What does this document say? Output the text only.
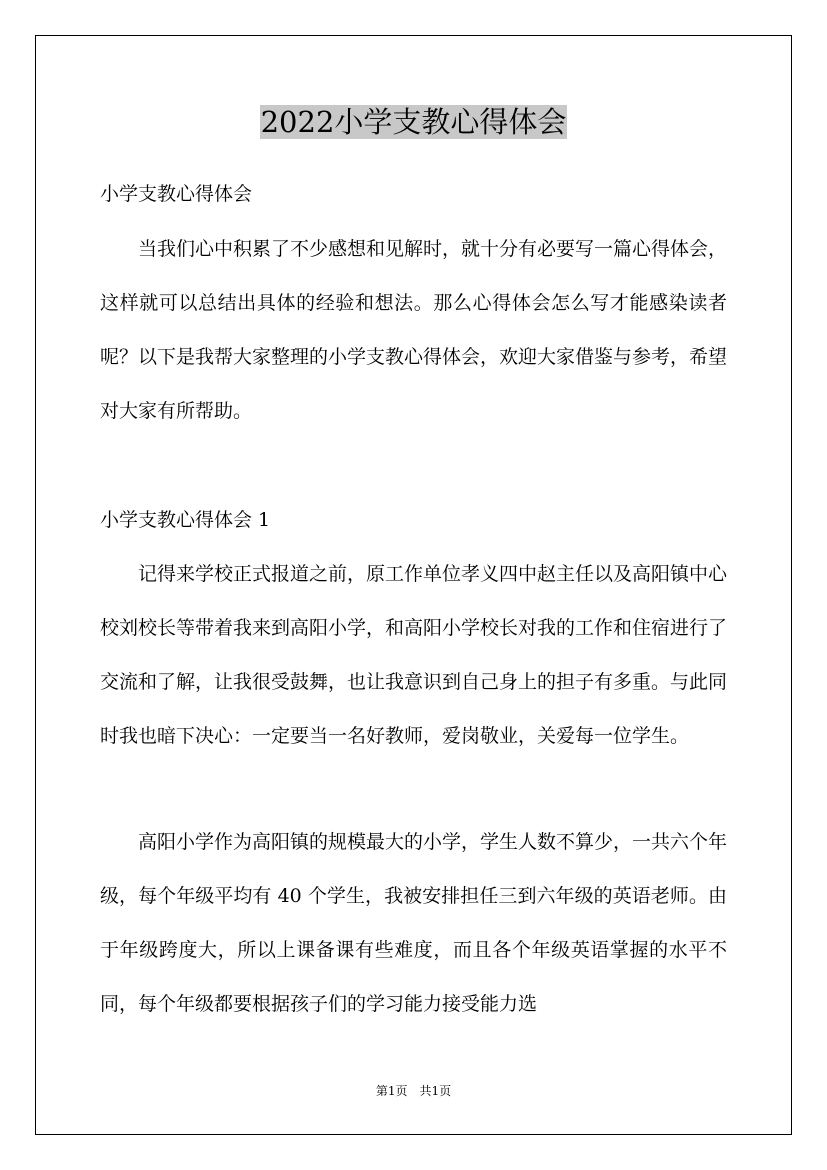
2022小学支教心得体会
小学支教心得体会
当我们心中积累了不少感想和见解时，就十分有必要写一篇心得体会，这样就可以总结出具体的经验和想法。那么心得体会怎么写才能感染读者呢？以下是我帮大家整理的小学支教心得体会，欢迎大家借鉴与参考，希望对大家有所帮助。
小学支教心得体会 1
记得来学校正式报道之前，原工作单位孝义四中赵主任以及高阳镇中心校刘校长等带着我来到高阳小学，和高阳小学校长对我的工作和住宿进行了交流和了解，让我很受鼓舞，也让我意识到自己身上的担子有多重。与此同时我也暗下决心：一定要当一名好教师，爱岗敬业，关爱每一位学生。
高阳小学作为高阳镇的规模最大的小学，学生人数不算少，一共六个年级，每个年级平均有 40 个学生，我被安排担任三到六年级的英语老师。由于年级跨度大，所以上课备课有些难度，而且各个年级英语掌握的水平不同，每个年级都要根据孩子们的学习能力接受能力选
第1页　共1页
